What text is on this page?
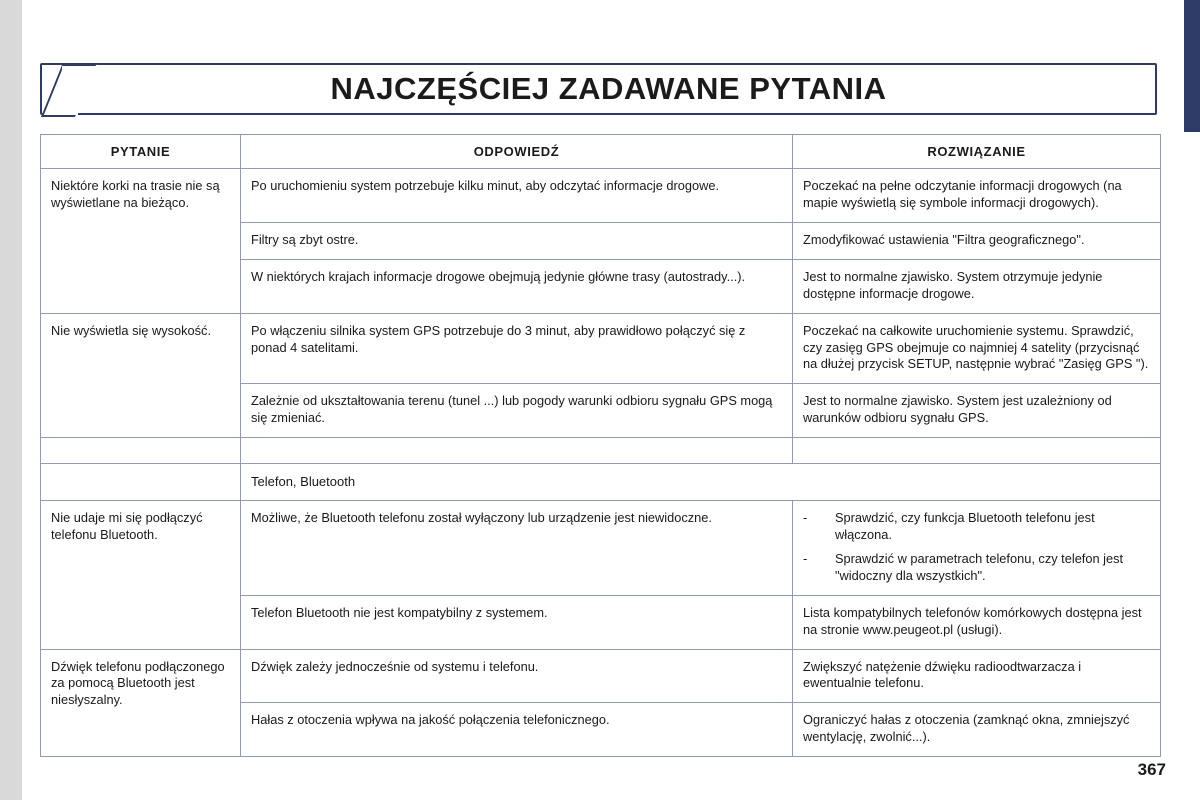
NAJCZĘŚCIEJ ZADAWANE PYTANIA
PYTANIE	ODPOWIEDŹ	ROZWIĄZANIE
Niektóre korki na trasie nie są wyświetlane na bieżąco.	Po uruchomieniu system potrzebuje kilku minut, aby odczytać informacje drogowe.	Poczekać na pełne odczytanie informacji drogowych (na mapie wyświetlą się symbole informacji drogowych).
	Filtry są zbyt ostre.	Zmodyfikować ustawienia "Filtra geograficznego".
	W niektórych krajach informacje drogowe obejmują jedynie główne trasy (autostrady...).	Jest to normalne zjawisko. System otrzymuje jedynie dostępne informacje drogowe.
Nie wyświetla się wysokość.	Po włączeniu silnika system GPS potrzebuje do 3 minut, aby prawidłowo połączyć się z ponad 4 satelitami.	Poczekać na całkowite uruchomienie systemu. Sprawdzić, czy zasięg GPS obejmuje co najmniej 4 satelity (przycisnąć na dłużej przycisk SETUP, następnie wybrać "Zasięg GPS ").
	Zależnie od ukształtowania terenu (tunel ...) lub pogody warunki odbioru sygnału GPS mogą się zmieniać.	Jest to normalne zjawisko. System jest uzależniony od warunków odbioru sygnału GPS.

	Telefon, Bluetooth	
Nie udaje mi się podłączyć telefonu Bluetooth.	Możliwe, że Bluetooth telefonu został wyłączony lub urządzenie jest niewidoczne.	- Sprawdzić, czy funkcja Bluetooth telefonu jest włączona.
- Sprawdzić w parametrach telefonu, czy telefon jest "widoczny dla wszystkich".

	Telefon Bluetooth nie jest kompatybilny z systemem.	Lista kompatybilnych telefonów komórkowych dostępna jest na stronie www.peugeot.pl (usługi).
Dźwięk telefonu podłączonego za pomocą Bluetooth jest niesłyszalny.	Dźwięk zależy jednocześnie od systemu i telefonu.	Zwiększyć natężenie dźwięku radioodtwarzacza i ewentualnie telefonu.
	Hałas z otoczenia wpływa na jakość połączenia telefonicznego.	Ograniczyć hałas z otoczenia (zamknąć okna, zmniejszyć wentylację, zwolnić...).
367
